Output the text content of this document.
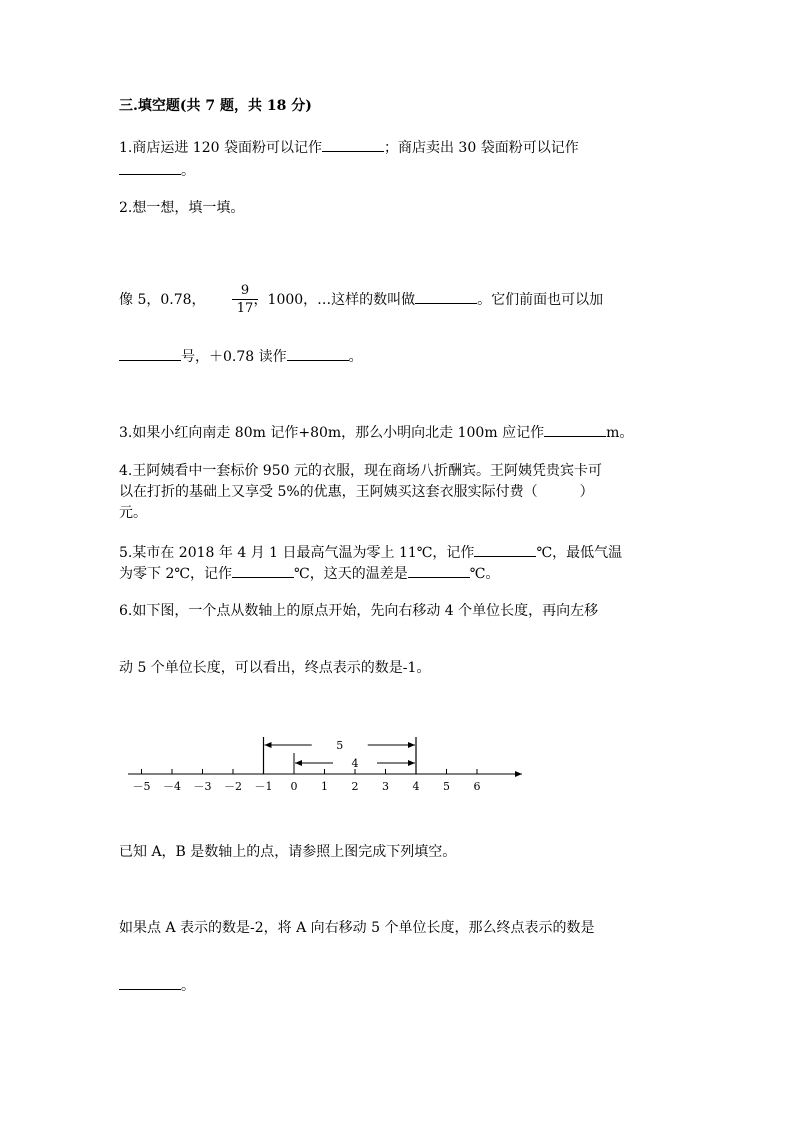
三.填空题(共 7 题，共 18 分)
1.商店运进 120 袋面粉可以记作	；商店卖出 30 袋面粉可以记作
。
2.想一想，填一填。
像 5，0.78，	，1000，…这样的数叫做	。它们前面也可以加
9
17
号，＋0.78 读作	。
3.如果小红向南走 80m 记作+80m，那么小明向北走 100m 应记作	m。
4.王阿姨看中一套标价 950 元的衣服，现在商场八折酬宾。王阿姨凭贵宾卡可
以在打折的基础上又享受 5%的优惠，王阿姨买这套衣服实际付费（　　　）
元。
5.某市在 2018 年 4 月 1 日最高气温为零上 11℃，记作	℃，最低气温
为零下 2℃，记作	℃，这天的温差是	℃。
6.如下图，一个点从数轴上的原点开始，先向右移动 4 个单位长度，再向左移
动 5 个单位长度，可以看出，终点表示的数是-1。
－5 －4 －3 －2 －1 0 1 2 3 4 5 6
5
4
已知 A，B 是数轴上的点，请参照上图完成下列填空。
如果点 A 表示的数是-2，将 A 向右移动 5 个单位长度，那么终点表示的数是
。
